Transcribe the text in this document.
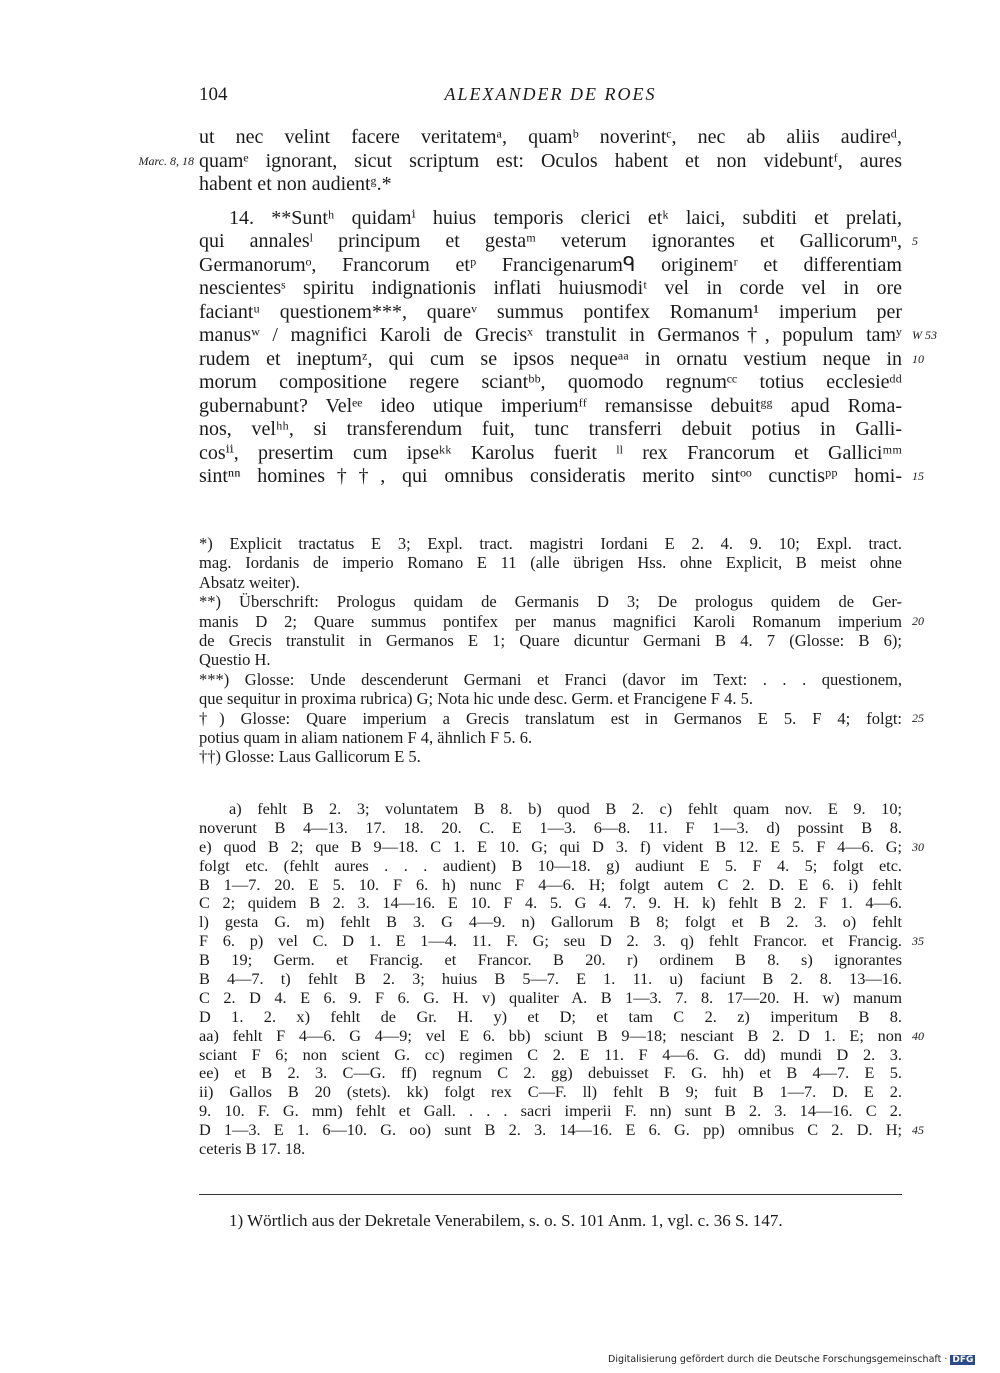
104	ALEXANDER DE ROES
ut nec velint facere veritatemᵃ, quamᵇ noverintᶜ, nec ab aliis audireᵈ,
quamᵉ ignorant, sicut scriptum est: Oculos habent et non videbuntᶠ, aures
Marc. 8, 18
habent et non audientᵍ.*
14. **Suntʰ quidamⁱ huius temporis clerici etᵏ laici, subditi et prelati,
qui annalesˡ principum et gestaᵐ veterum ignorantes et Gallicorumⁿ, 5
Germanorumᵒ, Francorum etᵖ Francigenarumᑫ originemʳ et differentiam
nescientesˢ spiritu indignationis inflati huiusmodiᵗ vel in corde vel in ore
faciantᵘ questionem***, quareᵛ summus pontifex Romanum¹ imperium per
manusʷ / magnifici Karoli de Grecisˣ transtulit in Germanos†, populum tamʸ W 53
rudem et ineptumᶻ, qui cum se ipsos nequeᵃᵃ in ornatu vestium neque in 10
morum compositione regere sciantᵇᵇ, quomodo regnumᶜᶜ totius ecclesieᵈᵈ
gubernabunt? Velᵉᵉ ideo utique imperiumᶠᶠ remansisse debuitᵍᵍ apud Roma-
nos, velʰʰ, si transferendum fuit, tunc transferri debuit potius in Galli-
cosⁱⁱ, presertim cum ipseᵏᵏ Karolus fuerit ˡˡ rex Francorum et Galliciᵐᵐ
sintⁿⁿ homines††, qui omnibus consideratis merito sintᵒᵒ cunctisᵖᵖ homi- 15
*) Explicit tractatus E 3; Expl. tract. magistri Iordani E 2. 4. 9. 10; Expl. tract.
mag. Iordanis de imperio Romano E 11 (alle übrigen Hss. ohne Explicit, B meist ohne
Absatz weiter).
**) Überschrift: Prologus quidam de Germanis D 3; De prologus quidem de Ger-
manis D 2; Quare summus pontifex per manus magnifici Karoli Romanum imperium 20
de Grecis transtulit in Germanos E 1; Quare dicuntur Germani B 4. 7 (Glosse: B 6);
Questio H.
***) Glosse: Unde descenderunt Germani et Franci (davor im Text: . . . questionem,
que sequitur in proxima rubrica) G; Nota hic unde desc. Germ. et Francigene F 4. 5.
†) Glosse: Quare imperium a Grecis translatum est in Germanos E 5. F 4; folgt: 25
potius quam in aliam nationem F 4, ähnlich F 5. 6.
††) Glosse: Laus Gallicorum E 5.
a) fehlt B 2. 3; voluntatem B 8. b) quod B 2. c) fehlt quam nov. E 9. 10;
noverunt B 4—13. 17. 18. 20. C. E 1—3. 6—8. 11. F 1—3. d) possint B 8.
e) quod B 2; que B 9—18. C 1. E 10. G; qui D 3. f) vident B 12. E 5. F 4—6. G; 30
folgt etc. (fehlt aures . . . audient) B 10—18. g) audiunt E 5. F 4. 5; folgt etc.
B 1—7. 20. E 5. 10. F 6. h) nunc F 4—6. H; folgt autem C 2. D. E 6. i) fehlt
C 2; quidem B 2. 3. 14—16. E 10. F 4. 5. G 4. 7. 9. H. k) fehlt B 2. F 1. 4—6.
l) gesta G. m) fehlt B 3. G 4—9. n) Gallorum B 8; folgt et B 2. 3. o) fehlt
F 6. p) vel C. D 1. E 1—4. 11. F. G; seu D 2. 3. q) fehlt Francor. et Francig. 35
B 19; Germ. et Francig. et Francor. B 20. r) ordinem B 8. s) ignorantes
B 4—7. t) fehlt B 2. 3; huius B 5—7. E 1. 11. u) faciunt B 2. 8. 13—16.
C 2. D 4. E 6. 9. F 6. G. H. v) qualiter A. B 1—3. 7. 8. 17—20. H. w) manum
D 1. 2. x) fehlt de Gr. H. y) et D; et tam C 2. z) imperitum B 8.
aa) fehlt F 4—6. G 4—9; vel E 6. bb) sciunt B 9—18; nesciant B 2. D 1. E; non 40
sciant F 6; non scient G. cc) regimen C 2. E 11. F 4—6. G. dd) mundi D 2. 3.
ee) et B 2. 3. C—G. ff) regnum C 2. gg) debuisset F. G. hh) et B 4—7. E 5.
ii) Gallos B 20 (stets). kk) folgt rex C—F. ll) fehlt B 9; fuit B 1—7. D. E 2.
9. 10. F. G. mm) fehlt et Gall. . . . sacri imperii F. nn) sunt B 2. 3. 14—16. C 2.
D 1—3. E 1. 6—10. G. oo) sunt B 2. 3. 14—16. E 6. G. pp) omnibus C 2. D. H; 45
ceteris B 17. 18.
1) Wörtlich aus der Dekretale Venerabilem, s. o. S. 101 Anm. 1, vgl. c. 36 S. 147.
Digitalisierung gefördert durch die Deutsche Forschungsgemeinschaft · DFG
